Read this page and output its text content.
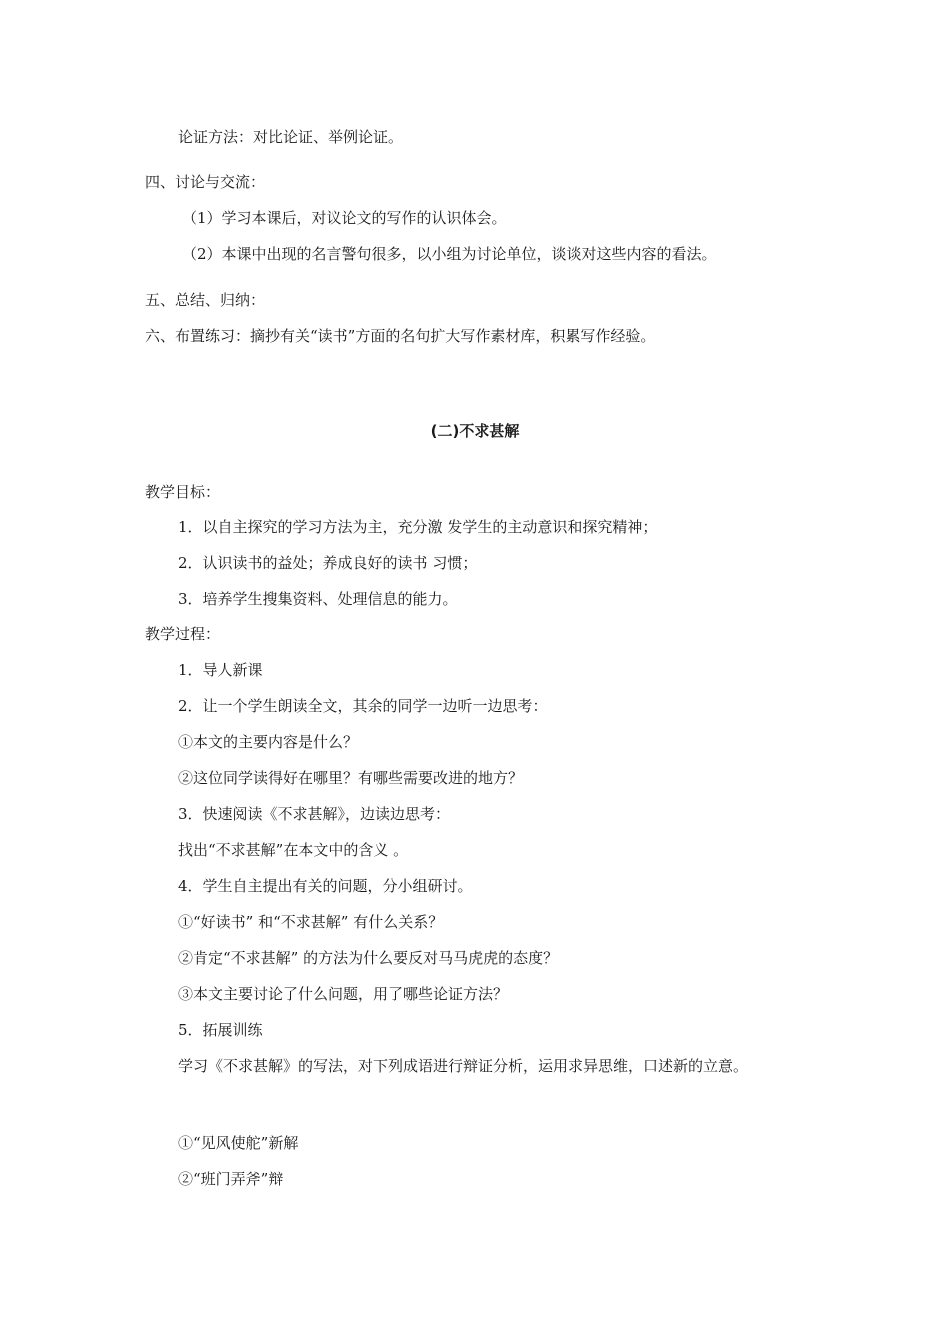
论证方法：对比论证、举例论证。
四、讨论与交流：
（1）学习本课后，对议论文的写作的认识体会。
（2）本课中出现的名言警句很多，以小组为讨论单位，谈谈对这些内容的看法。
五、总结、归纳：
六、布置练习：摘抄有关“读书”方面的名句扩大写作素材库，积累写作经验。
(二)不求甚解
教学目标：
1．以自主探究的学习方法为主，充分激 发学生的主动意识和探究精神；
2．认识读书的益处；养成良好的读书 习惯；
3．培养学生搜集资料、处理信息的能力。
教学过程：
1．导人新课
2．让一个学生朗读全文，其余的同学一边听一边思考：
①本文的主要内容是什么？
②这位同学读得好在哪里？有哪些需要改进的地方？
3．快速阅读《不求甚解》，边读边思考：
找出“不求甚解”在本文中的含义 。
4．学生自主提出有关的问题，分小组研讨。
①“好读书” 和“不求甚解” 有什么关系？
②肯定“不求甚解” 的方法为什么要反对马马虎虎的态度？
③本文主要讨论了什么问题，用了哪些论证方法？
5．拓展训练
学习《不求甚解》的写法，对下列成语进行辩证分析，运用求异思维，口述新的立意。
①“见风使舵”新解
②“班门弄斧”辩
